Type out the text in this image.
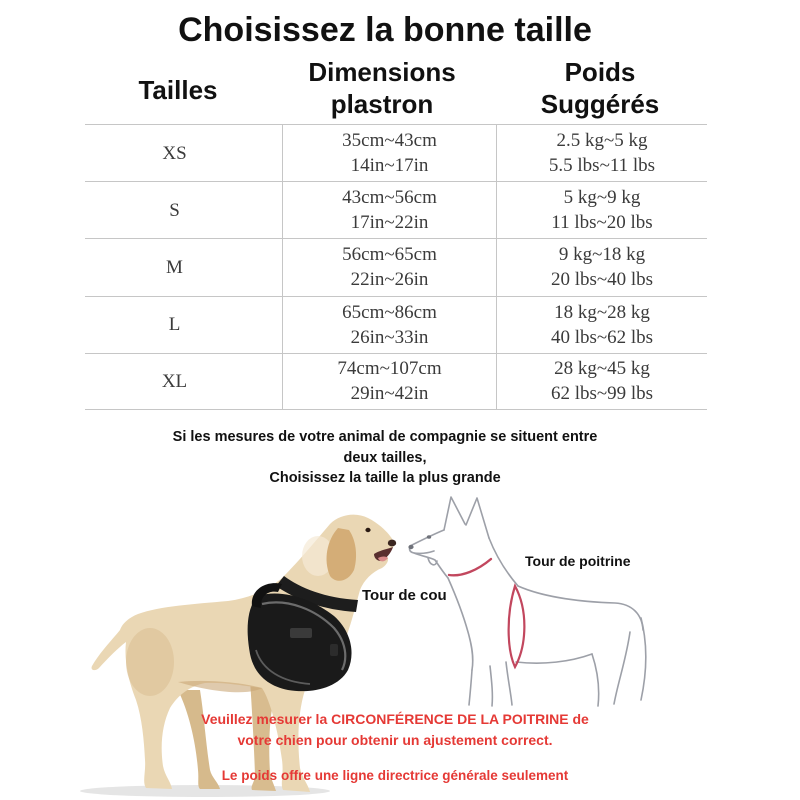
Choisissez la bonne taille
Tailles
Dimensions
plastron
Poids
Suggérés
XS
35cm~43cm
14in~17in
2.5 kg~5 kg
5.5 lbs~11 lbs
S
43cm~56cm
17in~22in
5 kg~9 kg
11 lbs~20 lbs
M
56cm~65cm
22in~26in
9 kg~18 kg
20 lbs~40 lbs
L
65cm~86cm
26in~33in
18 kg~28 kg
40 lbs~62 lbs
XL
74cm~107cm
29in~42in
28 kg~45 kg
62 lbs~99 lbs
Si les mesures de votre animal de compagnie se situent entre
deux tailles,
Choisissez la taille la plus grande
Tour de poitrine
Tour de cou
Veuillez mesurer la CIRCONFÉRENCE DE LA POITRINE de
votre chien pour obtenir un ajustement correct.
Le poids offre une ligne directrice générale seulement
